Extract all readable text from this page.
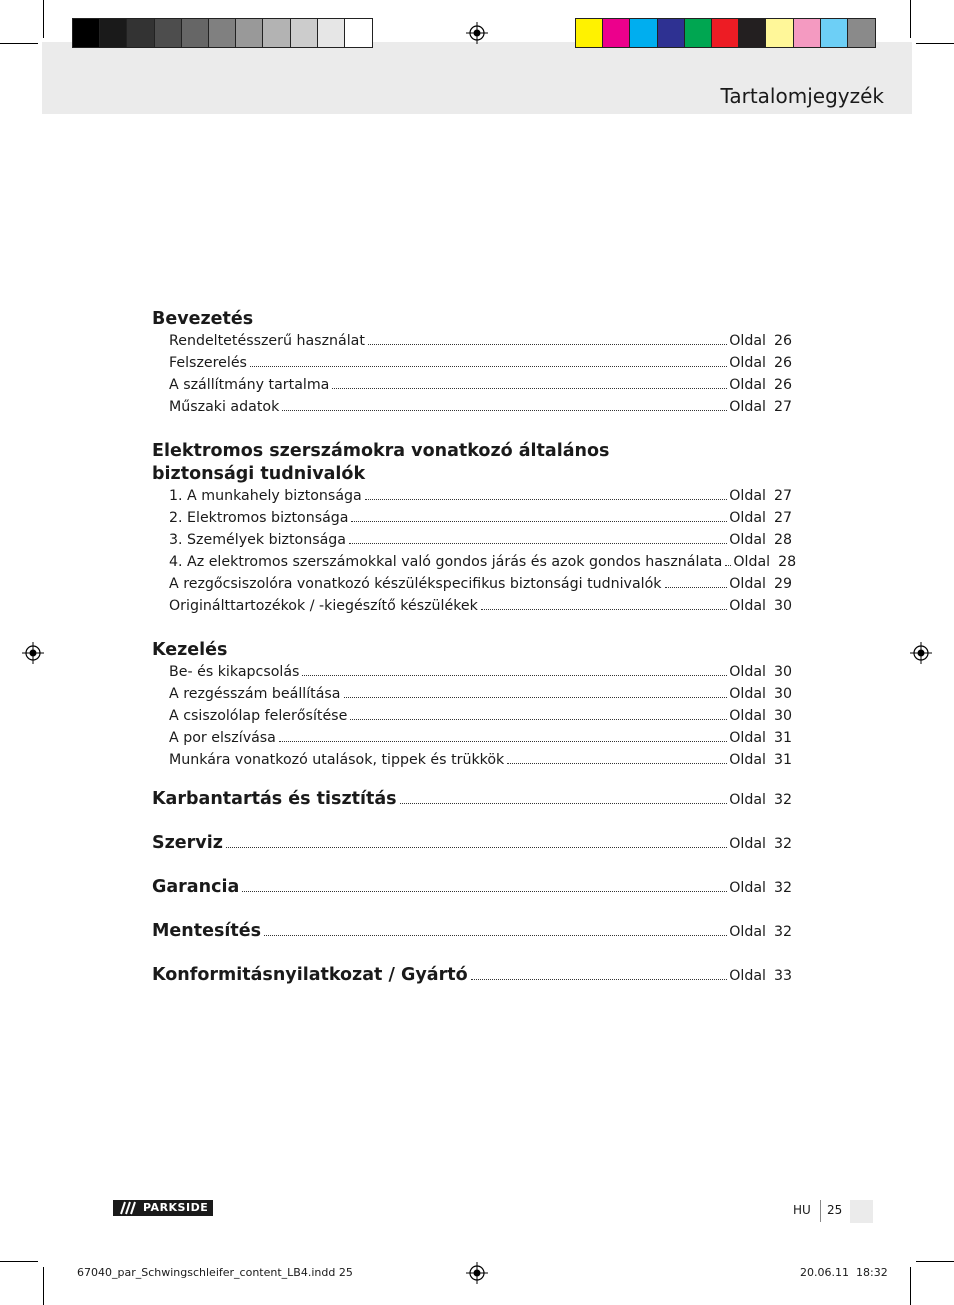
Tartalomjegyzék
Bevezetés
Rendeltetésszerű használat	Oldal 26
Felszerelés	Oldal 26
A szállítmány tartalma	Oldal 26
Műszaki adatok	Oldal 27
Elektromos szerszámokra vonatkozó általános
biztonsági tudnivalók
1. A munkahely biztonsága	Oldal 27
2. Elektromos biztonsága	Oldal 27
3. Személyek biztonsága	Oldal 28
4. Az elektromos szerszámokkal való gondos járás és azok gondos használata Oldal 28
A rezgőcsiszolóra vonatkozó készülékspecifikus biztonsági tudnivalók	Oldal 29
Originálttartozékok / -kiegészítő készülékek	Oldal 30
Kezelés
Be- és kikapcsolás	Oldal 30
A rezgésszám beállítása	Oldal 30
A csiszolólap felerősítése	Oldal 30
A por elszívása	Oldal 31
Munkára vonatkozó utalások, tippek és trükkök	Oldal 31
Karbantartás és tisztítás	Oldal 32
Szerviz	Oldal 32
Garancia	Oldal 32
Mentesítés	Oldal 32
Konformitásnyilatkozat / Gyártó	Oldal 33
PARKSIDE	HU 25
67040_par_Schwingschleifer_content_LB4.indd 25	20.06.11 18:32
